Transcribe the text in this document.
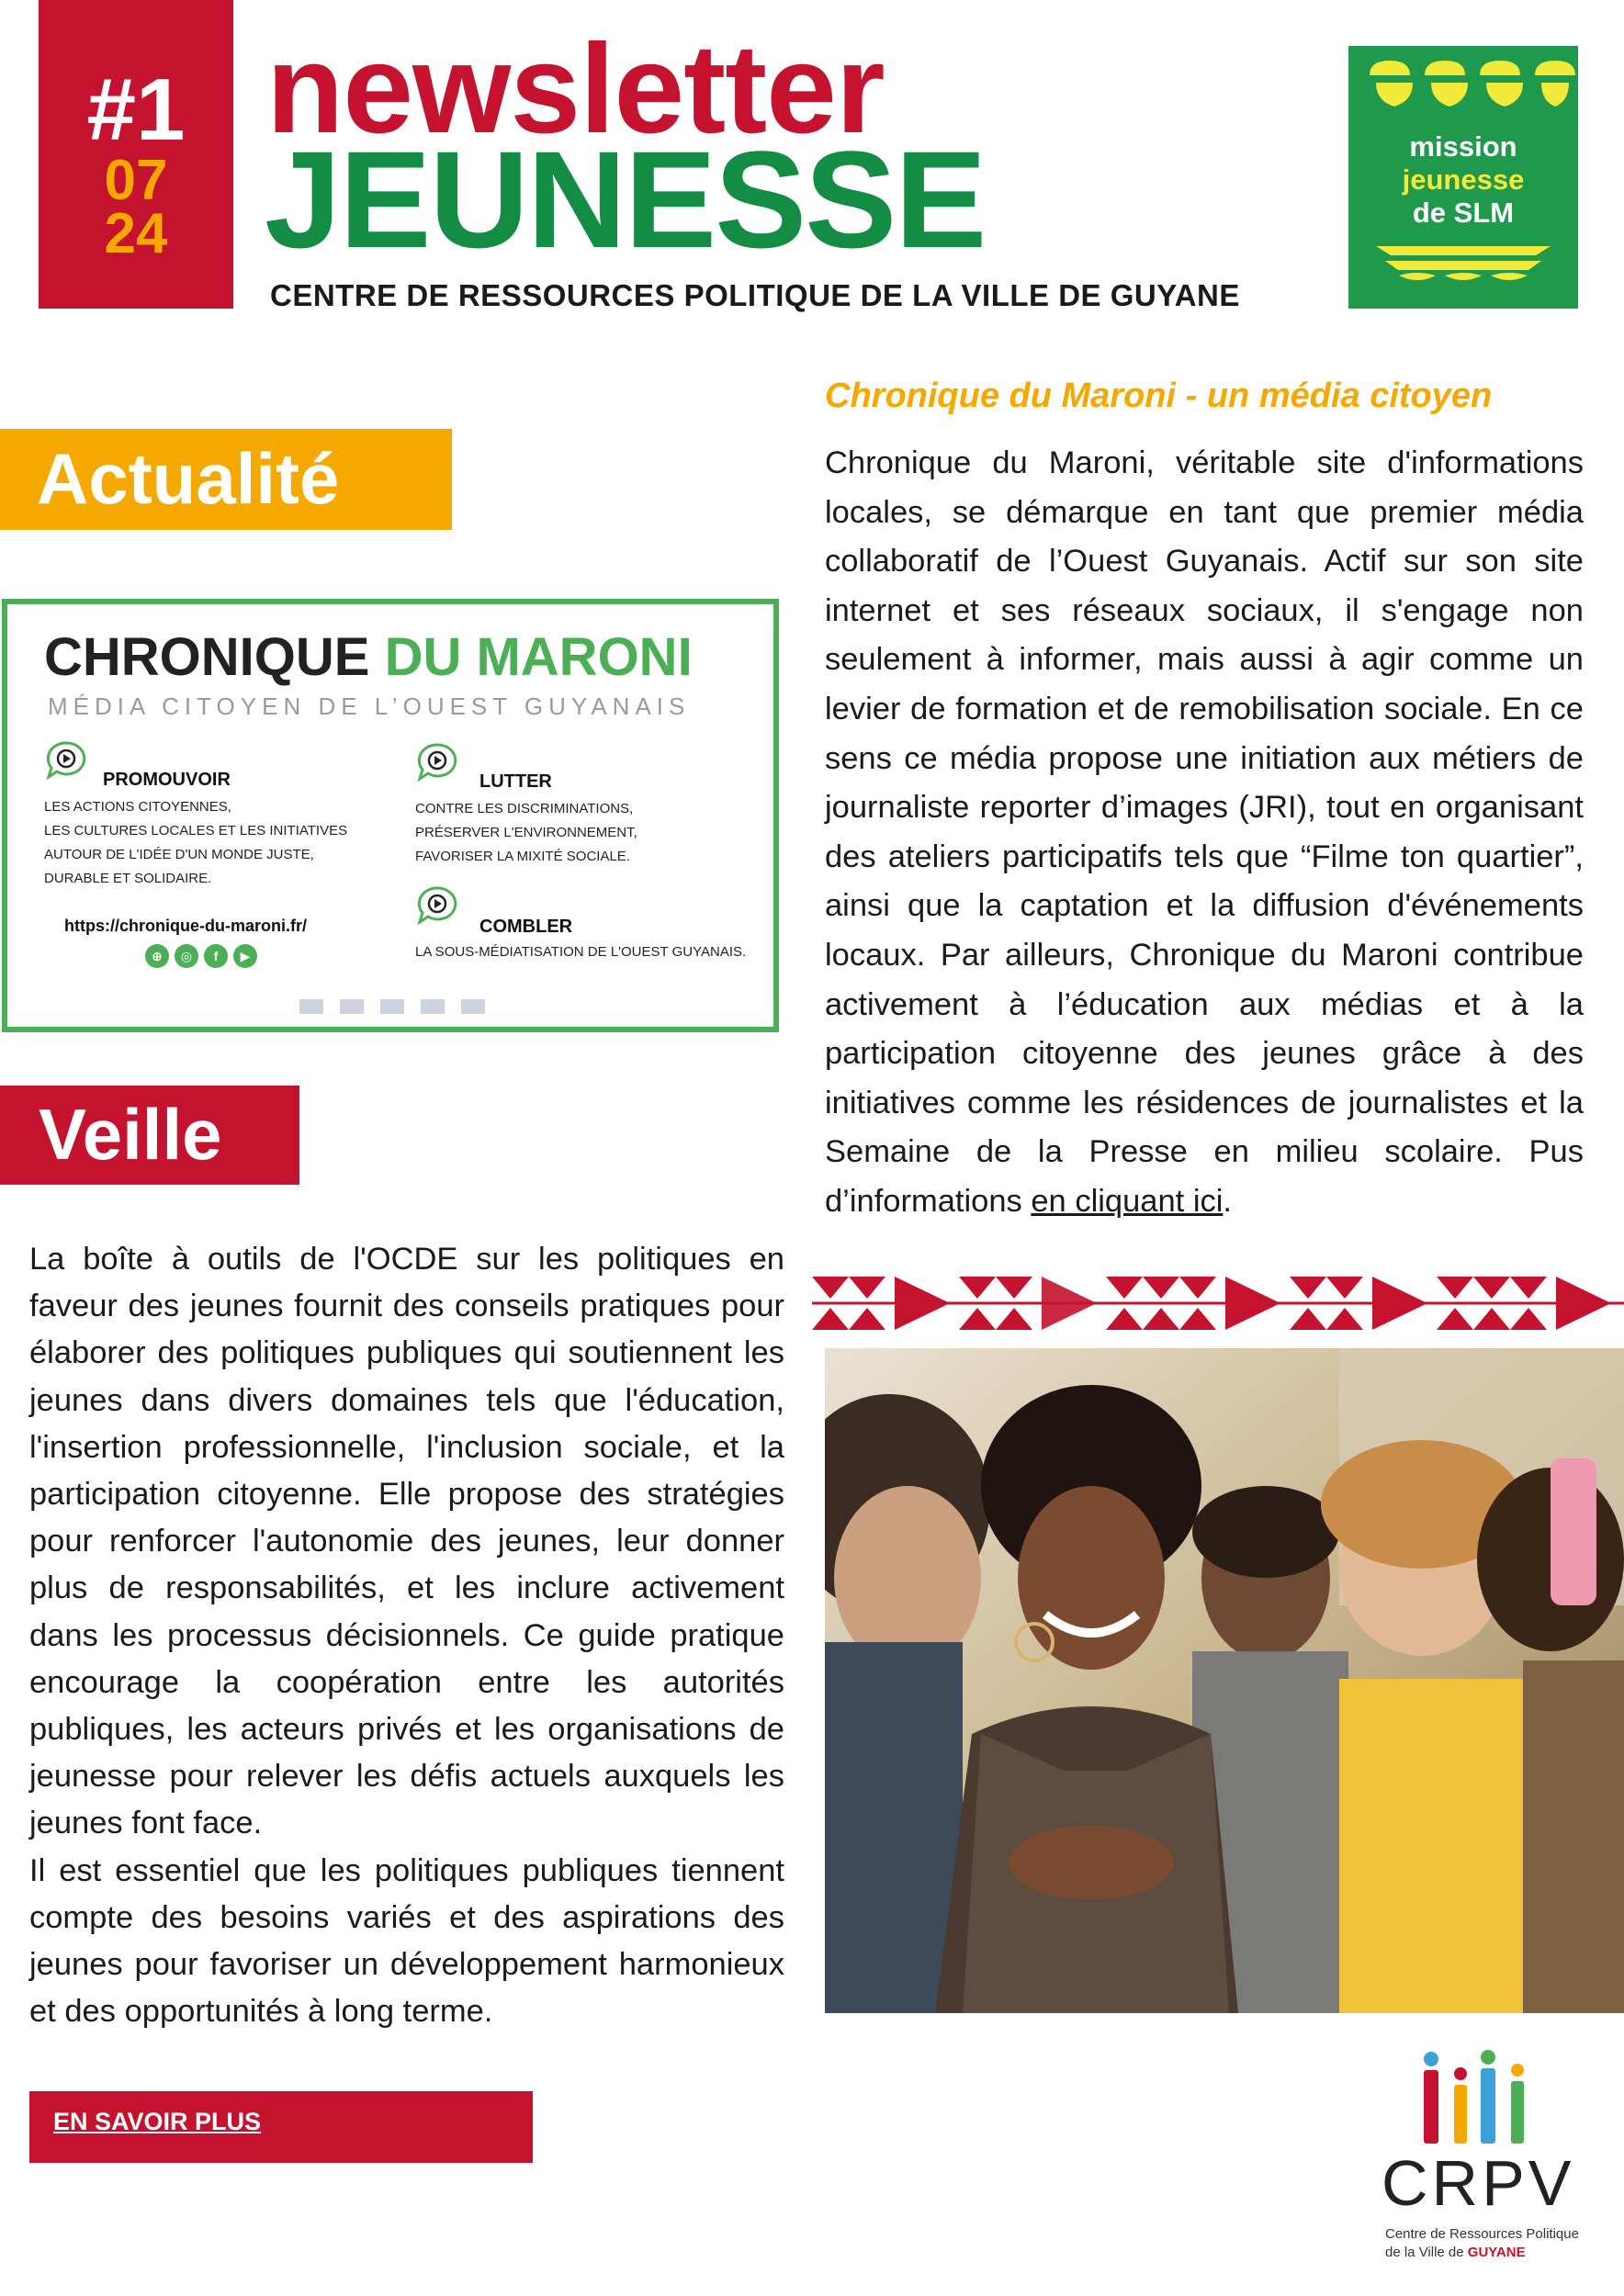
#1
07
24
newsletter
JEUNESSE
CENTRE DE RESSOURCES POLITIQUE DE LA VILLE DE GUYANE
mission
jeunesse
de SLM
Actualité
CHRONIQUE DU MARONI
MÉDIA CITOYEN DE L’OUEST GUYANAIS
PROMOUVOIR
LES ACTIONS CITOYENNES,
LES CULTURES LOCALES ET LES INITIATIVES
AUTOUR DE L'IDÉE D'UN MONDE JUSTE,
DURABLE ET SOLIDAIRE.
LUTTER
CONTRE LES DISCRIMINATIONS,
PRÉSERVER L'ENVIRONNEMENT,
FAVORISER LA MIXITÉ SOCIALE.
COMBLER
LA SOUS-MÉDIATISATION DE L'OUEST GUYANAIS.
https://chronique-du-maroni.fr/
⊕	◎	f	▶
Chronique du Maroni - un média citoyen
Chronique du Maroni, véritable site d'informations locales, se démarque en tant que premier média collaboratif de l’Ouest Guyanais. Actif sur son site internet et ses réseaux sociaux, il s'engage non seulement à informer, mais aussi à agir comme un levier de formation et de remobilisation sociale. En ce sens ce média propose une initiation aux métiers de journaliste reporter d’images (JRI), tout en organisant des ateliers participatifs tels que “Filme ton quartier”, ainsi que la captation et la diffusion d'événements locaux. Par ailleurs, Chronique du Maroni contribue activement à l’éducation aux médias et à la participation citoyenne des jeunes grâce à des initiatives comme les résidences de journalistes et la Semaine de la Presse en milieu scolaire. Pus d’informations en cliquant ici.
Veille

La boîte à outils de l'OCDE sur les politiques en faveur des jeunes fournit des conseils pratiques pour élaborer des politiques publiques qui soutiennent les jeunes dans divers domaines tels que l'éducation, l'insertion professionnelle, l'inclusion sociale, et la participation citoyenne. Elle propose des stratégies pour renforcer l'autonomie des jeunes, leur donner plus de responsabilités, et les inclure activement dans les processus décisionnels. Ce guide pratique encourage la coopération entre les autorités publiques, les acteurs privés et les organisations de jeunesse pour relever les défis actuels auxquels les jeunes font face.

Il est essentiel que les politiques publiques tiennent compte des besoins variés et des aspirations des jeunes pour favoriser un développement harmonieux et des opportunités à long terme.

EN SAVOIR PLUS
CRPV
Centre de Ressources Politique
de la Ville de GUYANE
